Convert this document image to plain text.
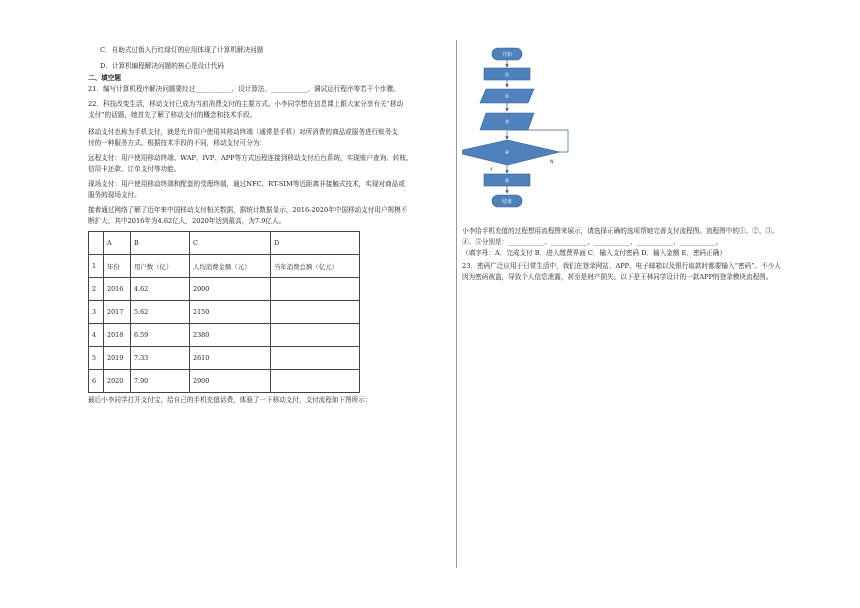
C．自助式过街人行红绿灯的应用体现了计算机解决问题

D．计算机编程解决问题的核心是设计代码

二、填空题

21．编写计算机程序解决问题要经过___________、设计算法、___________、调试运行程序等若干个步骤。

22．科技改变生活，移动支付已成为当前消费支付的主要方式。小李同学想在信息课上跟大家分享有关“移动

支付”的话题，她首先了解了移动支付的概念和技术手段。

移动支付也称为手机支付，就是允许用户使用其移动终端（通常是手机）对所消费的商品或服务进行账务支

付的一种服务方式。根据技术手段的不同，移动支付可分为：

远程支付：用户使用移动终端、WAP、IVP、APP等方式远程连接到移动支付后台系统，实现账户查询、转账、

信用卡还款、订单支付等功能。

现场支付：用户使用移动终端和配套的受理终端，通过NFC、RT-SIM等近距离非接触式技术，实现对商品或

服务的现场支付。

接着通过网络了解了近年来中国移动支付相关数据，据统计数据显示，2016-2020年中国移动支付用户规模不

断扩大，其中2016年为4.62亿人，2020年达到最高，为7.9亿人。

	A	B	C	D
1	年份	用户数（亿）	人均消费金额（元）	当年消费总额（亿元）
2	2016	4.62	2000	
3	2017	5.62	2150	
4	2018	6.59	2380	
5	2019	7.33	2610	
6	2020	7.90	2900	

最后小李同学打开支付宝，给自己的手机充值话费，体验了一下移动支付，支付流程如下图所示：

开始
①
②
③
④
Y
N
⑤
结束

小李给手机充值的过程想用流程图来展示，请选择正确的选项帮她完善支付流程图。流程图中的①、②、③、

④、⑤分别是：___________、___________、___________、___________、___________。

（填字母：A．完成支付 B．进入缴费界面 C．输入支付密码 D．输入金额 E．密码正确）

23．密码广泛应用于日常生活中，我们在登录网站、APP、电子邮箱以及银行取款时都要输入“密码”。不少人

因为密码被盗，导致个人信息泄露，甚至是财产损失。以下是王林同学设计的一款APP的登录模块流程图。
